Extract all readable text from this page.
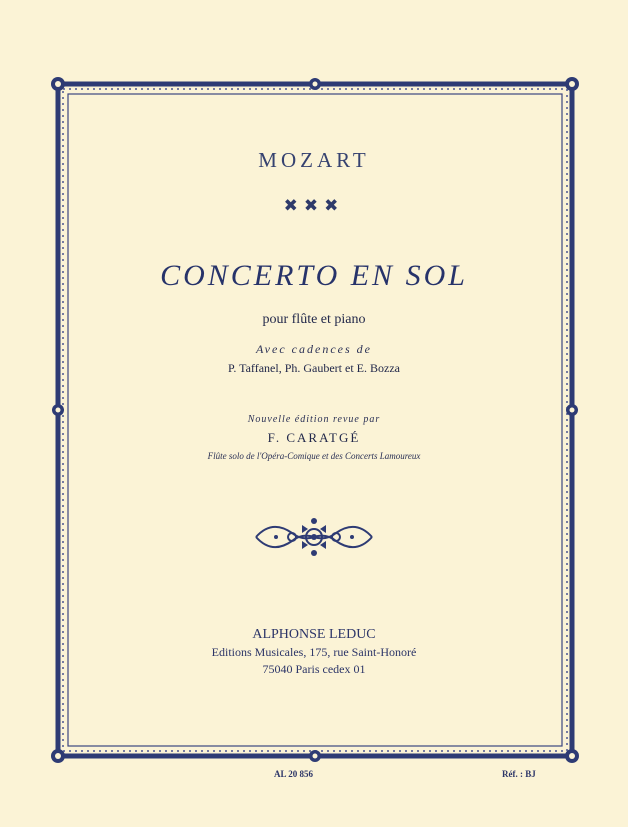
MOZART
✖✖✖
CONCERTO EN SOL
pour flûte et piano
Avec cadences de
P. Taffanel, Ph. Gaubert et E. Bozza
Nouvelle édition revue par
F. CARATGÉ
Flûte solo de l'Opéra-Comique et des Concerts Lamoureux
ALPHONSE LEDUC
Editions Musicales, 175, rue Saint-Honoré
75040 Paris cedex 01
AL 20 856	Réf. : BJ
